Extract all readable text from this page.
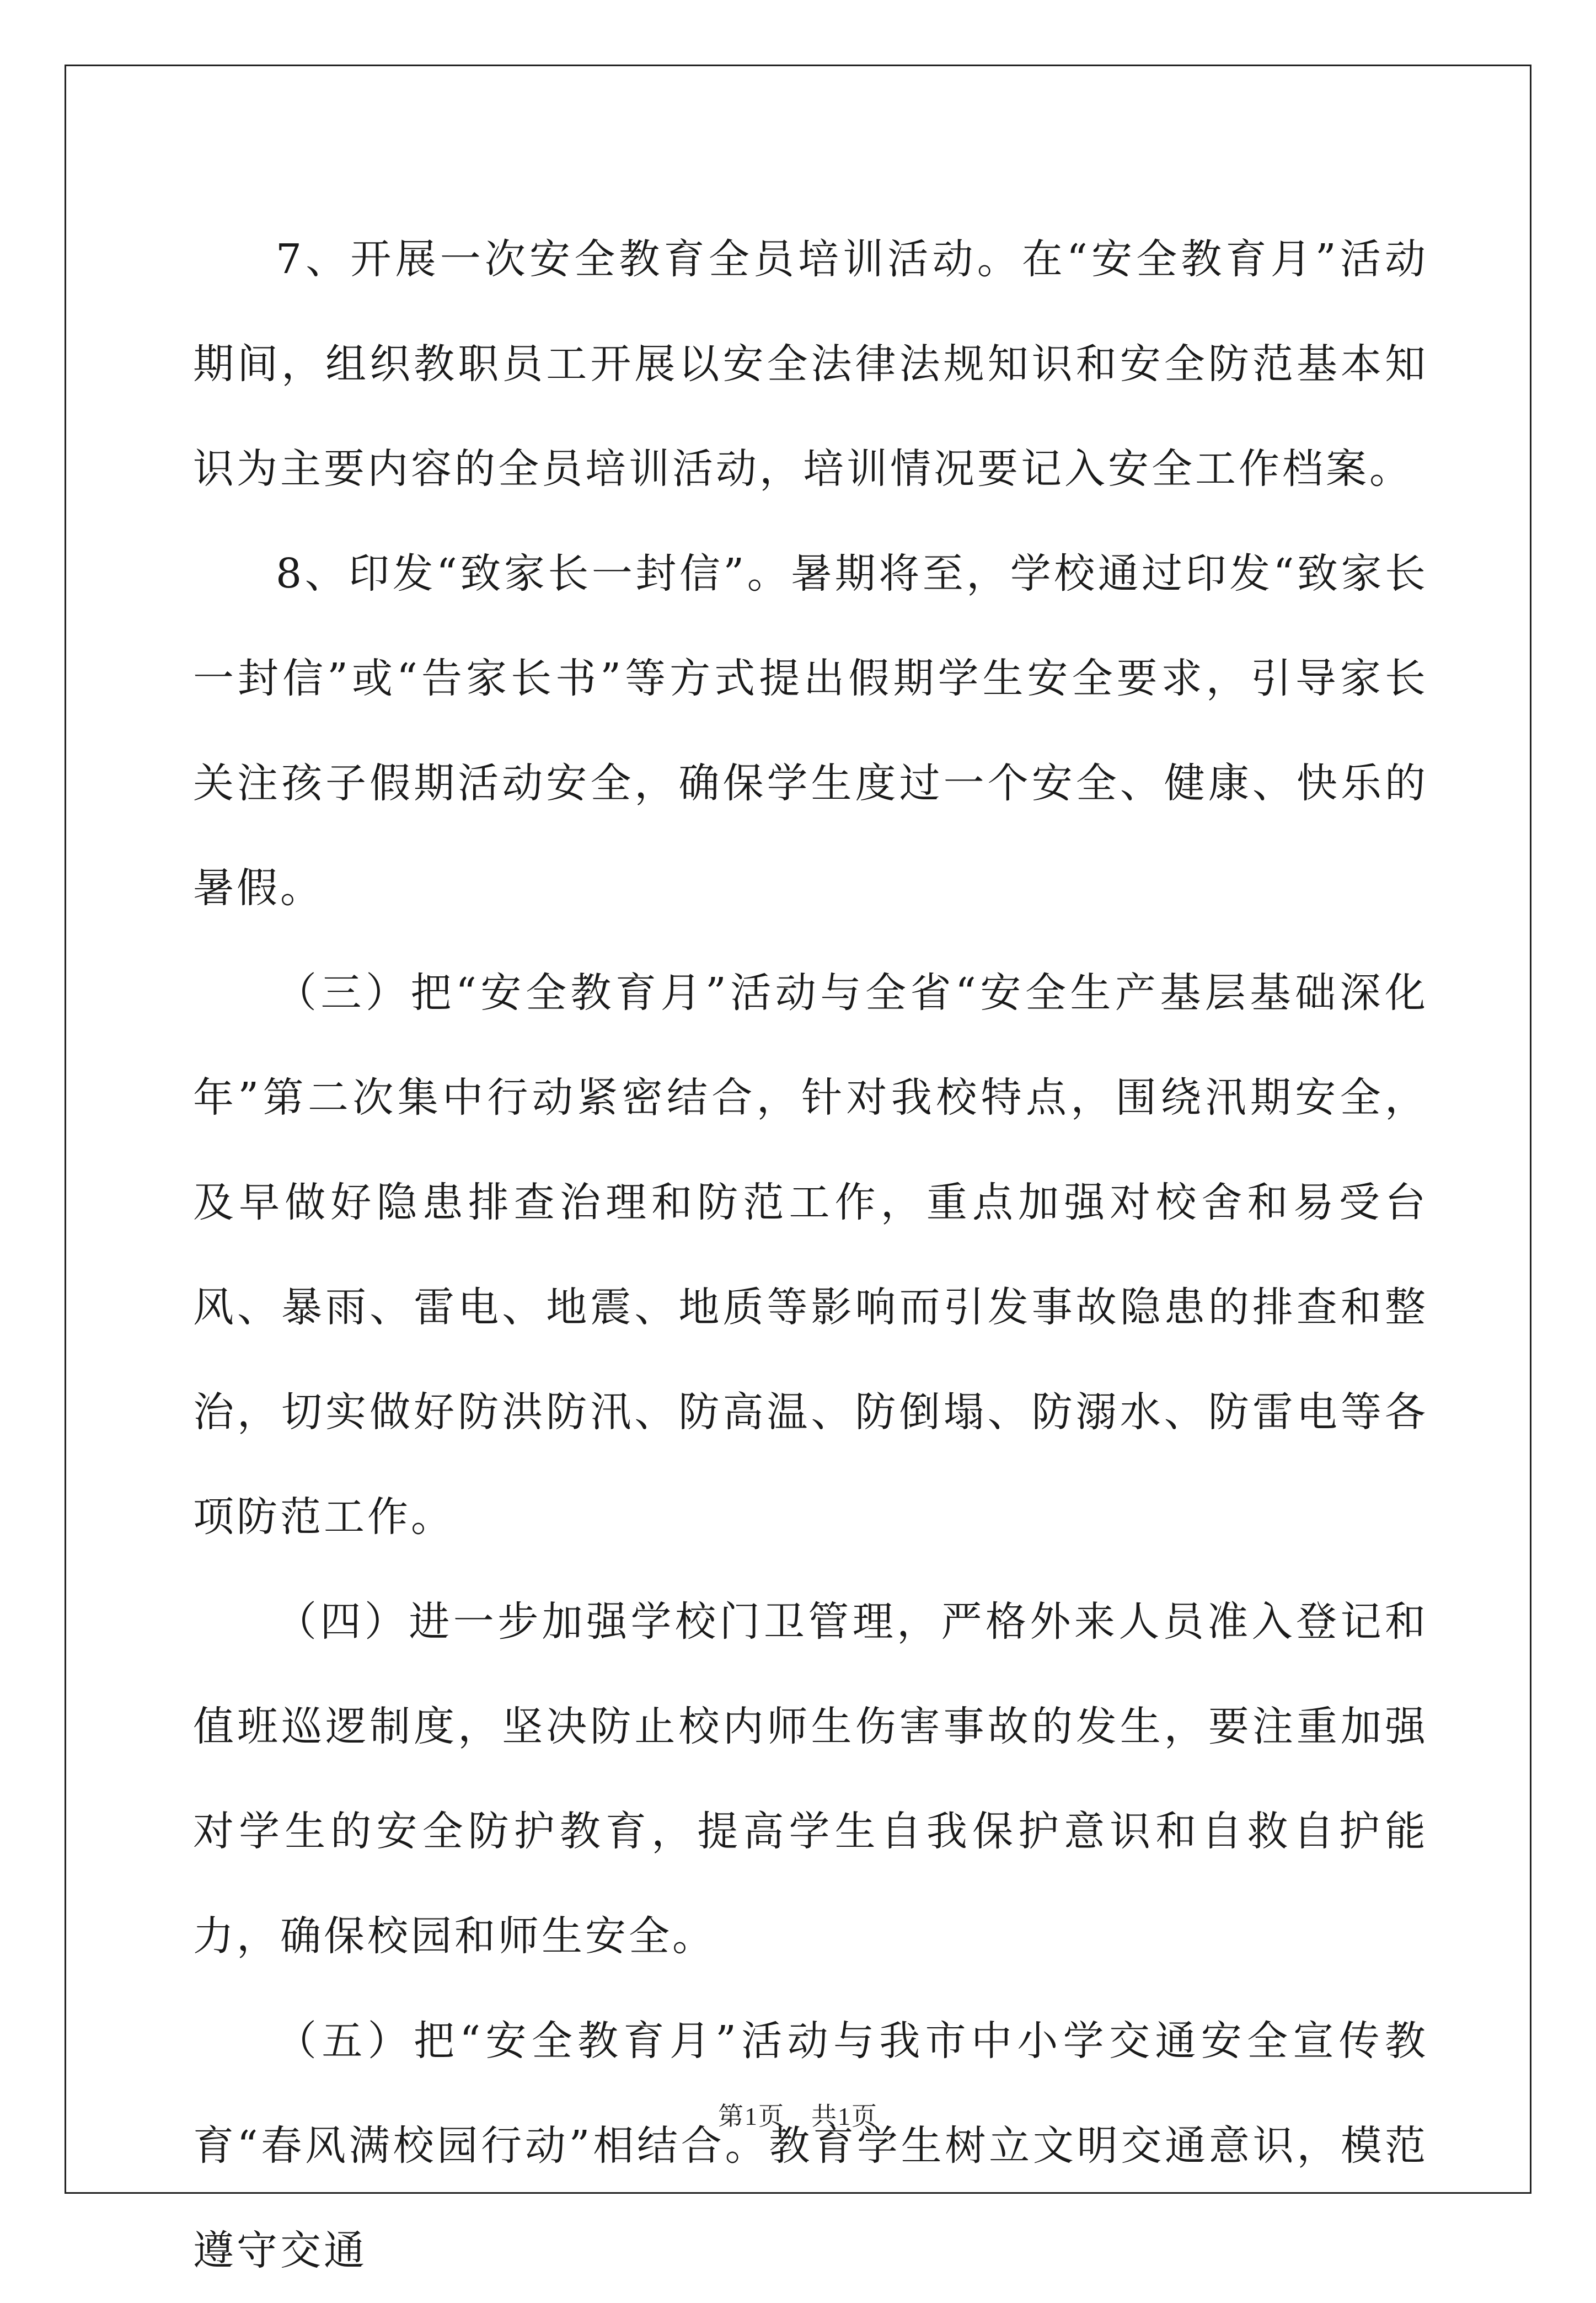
7、开展一次安全教育全员培训活动。在“安全教育月”活动期间，组织教职员工开展以安全法律法规知识和安全防范基本知识为主要内容的全员培训活动，培训情况要记入安全工作档案。

8、印发“致家长一封信”。暑期将至，学校通过印发“致家长一封信”或“告家长书”等方式提出假期学生安全要求，引导家长关注孩子假期活动安全，确保学生度过一个安全、健康、快乐的暑假。

（三）把“安全教育月”活动与全省“安全生产基层基础深化年”第二次集中行动紧密结合，针对我校特点，围绕汛期安全，及早做好隐患排查治理和防范工作，重点加强对校舍和易受台风、暴雨、雷电、地震、地质等影响而引发事故隐患的排查和整治，切实做好防洪防汛、防高温、防倒塌、防溺水、防雷电等各项防范工作。

（四）进一步加强学校门卫管理，严格外来人员准入登记和值班巡逻制度，坚决防止校内师生伤害事故的发生，要注重加强对学生的安全防护教育，提高学生自我保护意识和自救自护能力，确保校园和师生安全。

（五）把“安全教育月”活动与我市中小学交通安全宣传教育“春风满校园行动”相结合。教育学生树立文明交通意识，模范遵守交通

第1页　共1页
